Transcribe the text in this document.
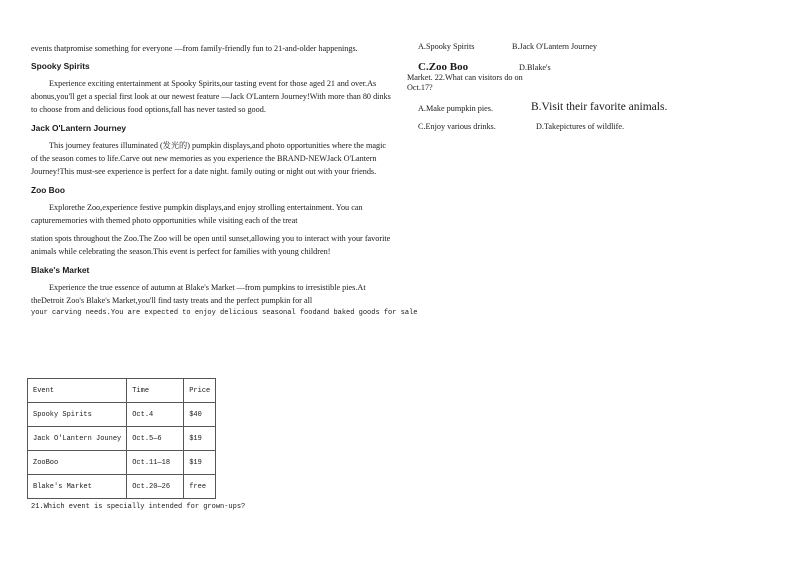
events thatpromise something for everyone —from family-friendly fun to 21-and-older happenings.

Spooky Spirits

Experience exciting entertainment at Spooky Spirits,our tasting event for those aged 21 and over.As abonus,you'll get a special first look at our newest feature —Jack O'Lantern Journey!With more than 80 dinks to choose from and delicious food options,fall has never tasted so good.

Jack O'Lantern Journey

This journey features illuminated (发光的) pumpkin displays,and photo opportunities where the magic of the season comes to life.Carve out new memories as you experience the BRAND-NEWJack O'Lantern Journey!This must-see experience is perfect for a date night. family outing or night out with your friends.

Zoo Boo

Explorethe Zoo,experience festive pumpkin displays,and enjoy strolling entertainment. You can capturememories with themed photo opportunities while visiting each of the treat

station spots throughout the Zoo.The Zoo will be open until sunset,allowing you to interact with your favorite animals while celebrating the season.This event is perfect for families with young children!

Blake's Market

Experience the true essence of autumn at Blake's Market —from pumpkins to irresistible pies.At theDetroit Zoo's Blake's Market,you'll find tasty treats and the perfect pumpkin for all

your carving needs.You are expected to enjoy delicious seasonal foodand baked goods for sale

Event	Time	Price
Spooky Spirits	Oct.4	$40
Jack O'Lantern Jouney	Oct.5—6	$19
ZooBoo	Oct.11—18	$19
Blake's Market	Oct.20—26	free
21.Which event is specially intended for grown-ups?
A.Spooky Spirits	B.Jack O'Lantern Journey
C.Zoo Boo	D.Blake's
Market. 22.What can visitors do on
Oct.17?
A.Make pumpkin pies.	B.Visit their favorite animals.
C.Enjoy various drinks.	D.Takepictures of wildlife.
